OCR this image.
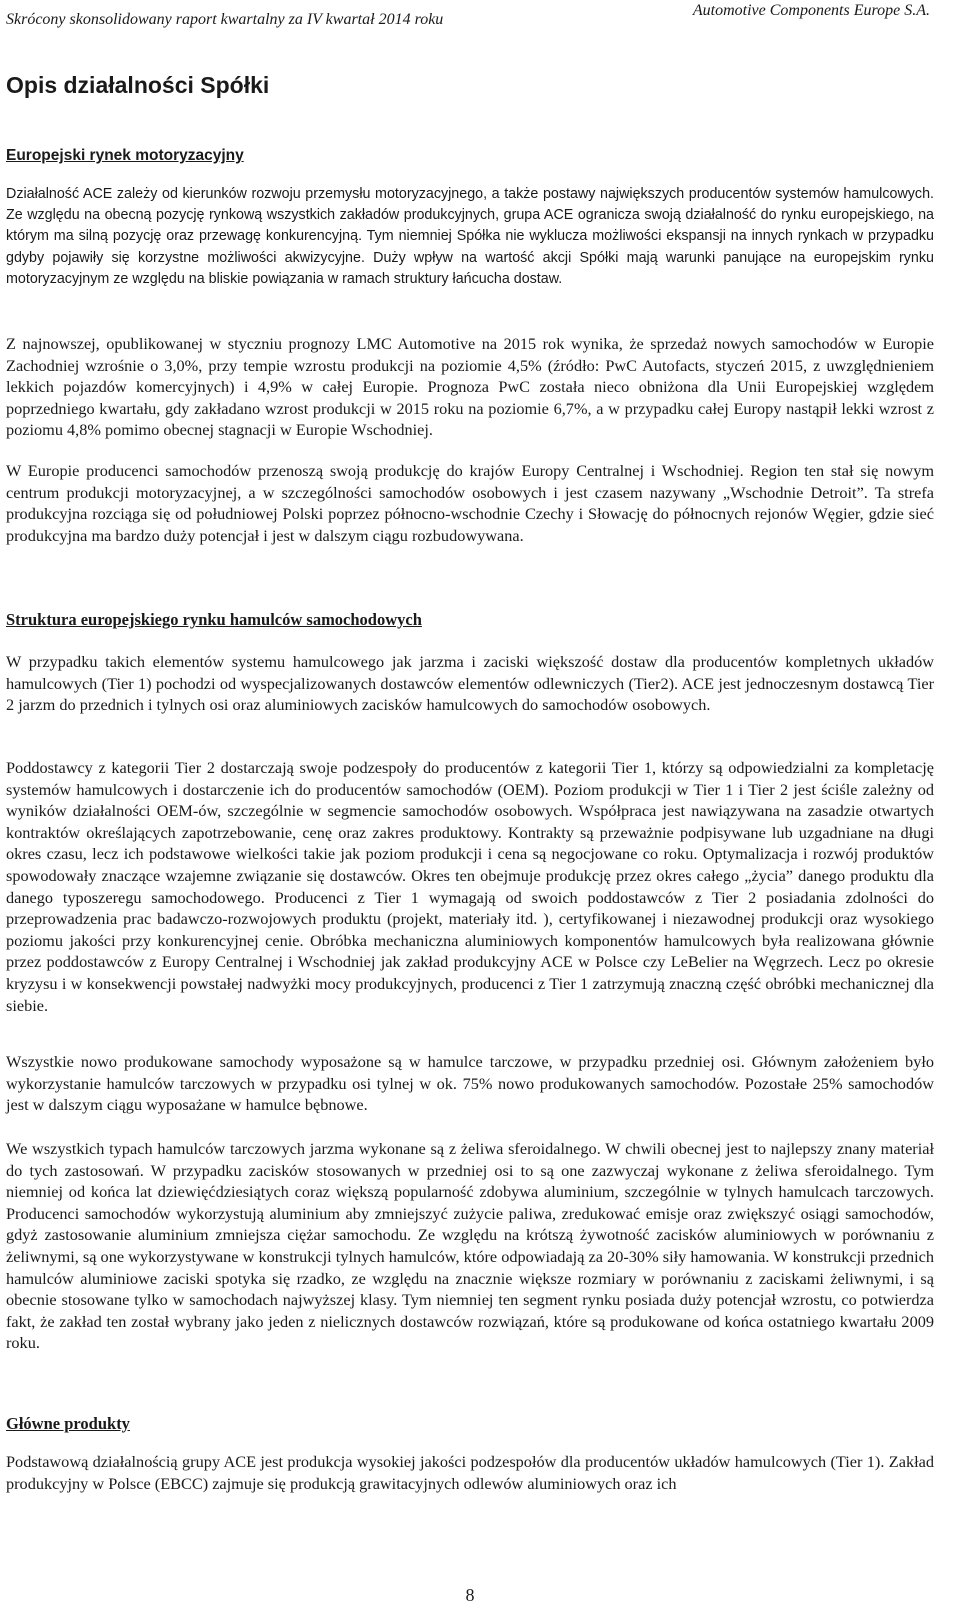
Skrócony skonsolidowany raport kwartalny za IV kwartał 2014 roku
Automotive Components Europe S.A.
Opis działalności Spółki
Europejski rynek motoryzacyjny
Działalność ACE zależy od kierunków rozwoju przemysłu motoryzacyjnego, a także postawy największych producentów systemów hamulcowych. Ze względu na obecną pozycję rynkową wszystkich zakładów produkcyjnych, grupa ACE ogranicza swoją działalność do rynku europejskiego, na którym ma silną pozycję oraz przewagę konkurencyjną. Tym niemniej Spółka nie wyklucza możliwości ekspansji na innych rynkach w przypadku gdyby pojawiły się korzystne możliwości akwizycyjne. Duży wpływ na wartość akcji Spółki mają warunki panujące na europejskim rynku motoryzacyjnym ze względu na bliskie powiązania w ramach struktury łańcucha dostaw.
Z najnowszej, opublikowanej w styczniu prognozy LMC Automotive na 2015 rok wynika, że sprzedaż nowych samochodów w Europie Zachodniej wzrośnie o 3,0%, przy tempie wzrostu produkcji na poziomie 4,5% (źródło: PwC Autofacts, styczeń 2015, z uwzględnieniem lekkich pojazdów komercyjnych) i 4,9% w całej Europie. Prognoza PwC została nieco obniżona dla Unii Europejskiej względem poprzedniego kwartału, gdy zakładano wzrost produkcji w 2015 roku na poziomie 6,7%, a w przypadku całej Europy nastąpił lekki wzrost z poziomu 4,8% pomimo obecnej stagnacji w Europie Wschodniej.
W Europie producenci samochodów przenoszą swoją produkcję do krajów Europy Centralnej i Wschodniej. Region ten stał się nowym centrum produkcji motoryzacyjnej, a w szczególności samochodów osobowych i jest czasem nazywany „Wschodnie Detroit”. Ta strefa produkcyjna rozciąga się od południowej Polski poprzez północno-wschodnie Czechy i Słowację do północnych rejonów Węgier, gdzie sieć produkcyjna ma bardzo duży potencjał i jest w dalszym ciągu rozbudowywana.
Struktura europejskiego rynku hamulców samochodowych
W przypadku takich elementów systemu hamulcowego jak jarzma i zaciski większość dostaw dla producentów kompletnych układów hamulcowych (Tier 1) pochodzi od wyspecjalizowanych dostawców elementów odlewniczych (Tier2). ACE jest jednoczesnym dostawcą Tier 2 jarzm do przednich i tylnych osi oraz aluminiowych zacisków hamulcowych do samochodów osobowych.
Poddostawcy z kategorii Tier 2 dostarczają swoje podzespoły do producentów z kategorii Tier 1, którzy są odpowiedzialni za kompletację systemów hamulcowych i dostarczenie ich do producentów samochodów (OEM). Poziom produkcji w Tier 1 i Tier 2 jest ściśle zależny od wyników działalności OEM-ów, szczególnie w segmencie samochodów osobowych. Współpraca jest nawiązywana na zasadzie otwartych kontraktów określających zapotrzebowanie, cenę oraz zakres produktowy. Kontrakty są przeważnie podpisywane lub uzgadniane na długi okres czasu, lecz ich podstawowe wielkości takie jak poziom produkcji i cena są negocjowane co roku. Optymalizacja i rozwój produktów spowodowały znaczące wzajemne związanie się dostawców. Okres ten obejmuje produkcję przez okres całego „życia” danego produktu dla danego typoszeregu samochodowego. Producenci z Tier 1 wymagają od swoich poddostawców z Tier 2 posiadania zdolności do przeprowadzenia prac badawczo-rozwojowych produktu (projekt, materiały itd. ), certyfikowanej i niezawodnej produkcji oraz wysokiego poziomu jakości przy konkurencyjnej cenie. Obróbka mechaniczna aluminiowych komponentów hamulcowych była realizowana głównie przez poddostawców z Europy Centralnej i Wschodniej jak zakład produkcyjny ACE w Polsce czy LeBelier na Węgrzech. Lecz po okresie kryzysu i w konsekwencji powstałej nadwyżki mocy produkcyjnych, producenci z Tier 1 zatrzymują znaczną część obróbki mechanicznej dla siebie.
Wszystkie nowo produkowane samochody wyposażone są w hamulce tarczowe, w przypadku przedniej osi. Głównym założeniem było wykorzystanie hamulców tarczowych w przypadku osi tylnej w ok. 75% nowo produkowanych samochodów. Pozostałe 25% samochodów jest w dalszym ciągu wyposażane w hamulce bębnowe.
We wszystkich typach hamulców tarczowych jarzma wykonane są z żeliwa sferoidalnego. W chwili obecnej jest to najlepszy znany materiał do tych zastosowań. W przypadku zacisków stosowanych w przedniej osi to są one zazwyczaj wykonane z żeliwa sferoidalnego. Tym niemniej od końca lat dziewięćdziesiątych coraz większą popularność zdobywa aluminium, szczególnie w tylnych hamulcach tarczowych. Producenci samochodów wykorzystują aluminium aby zmniejszyć zużycie paliwa, zredukować emisje oraz zwiększyć osiągi samochodów, gdyż zastosowanie aluminium zmniejsza ciężar samochodu. Ze względu na krótszą żywotność zacisków aluminiowych w porównaniu z żeliwnymi, są one wykorzystywane w konstrukcji tylnych hamulców, które odpowiadają za 20-30% siły hamowania. W konstrukcji przednich hamulców aluminiowe zaciski spotyka się rzadko, ze względu na znacznie większe rozmiary w porównaniu z zaciskami żeliwnymi, i są obecnie stosowane tylko w samochodach najwyższej klasy. Tym niemniej ten segment rynku posiada duży potencjał wzrostu, co potwierdza fakt, że zakład ten został wybrany jako jeden z nielicznych dostawców rozwiązań, które są produkowane od końca ostatniego kwartału 2009 roku.
Główne produkty
Podstawową działalnością grupy ACE jest produkcja wysokiej jakości podzespołów dla producentów układów hamulcowych (Tier 1). Zakład produkcyjny w Polsce (EBCC) zajmuje się produkcją grawitacyjnych odlewów aluminiowych oraz ich
8
